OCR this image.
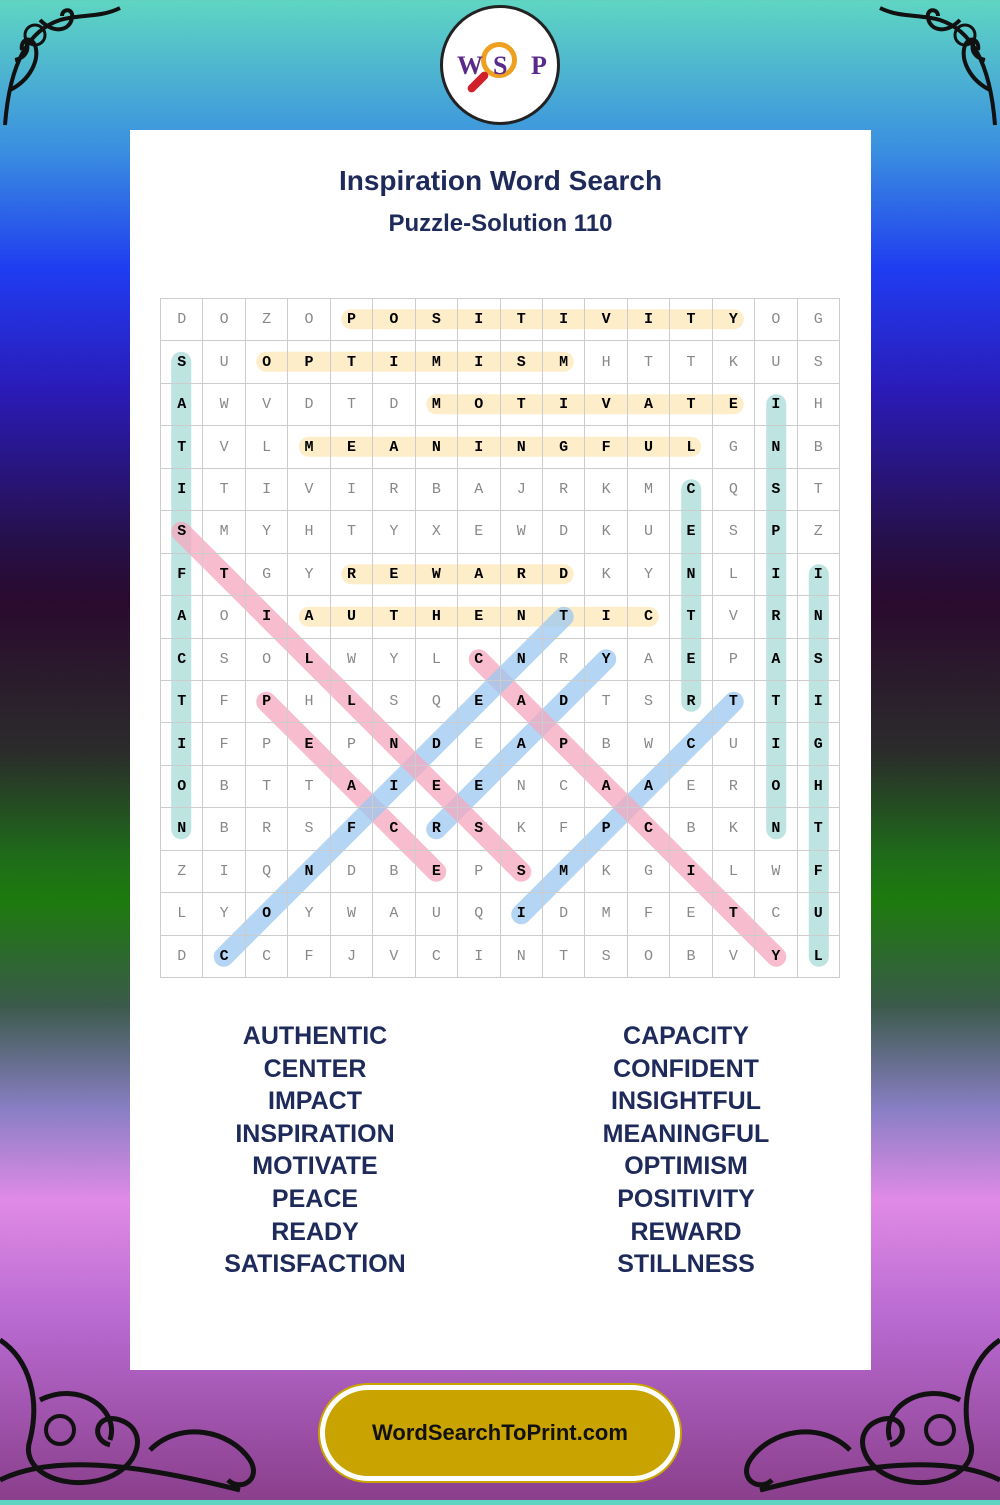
W S P
Inspiration Word Search
Puzzle-Solution 110
D	O	Z	O	P	O	S	I	T	I	V	I	T	Y	O	G
S	U	O	P	T	I	M	I	S	M	H	T	T	K	U	S
A	W	V	D	T	D	M	O	T	I	V	A	T	E	I	H
T	V	L	M	E	A	N	I	N	G	F	U	L	G	N	B
I	T	I	V	I	R	B	A	J	R	K	M	C	Q	S	T
S	M	Y	H	T	Y	X	E	W	D	K	U	E	S	P	Z
F	T	G	Y	R	E	W	A	R	D	K	Y	N	L	I	I
A	O	I	A	U	T	H	E	N	T	I	C	T	V	R	N
C	S	O	L	W	Y	L	C	N	R	Y	A	E	P	A	S
T	F	P	H	L	S	Q	E	A	D	T	S	R	T	T	I
I	F	P	E	P	N	D	E	A	P	B	W	C	U	I	G
O	B	T	T	A	I	E	E	N	C	A	A	E	R	O	H
N	B	R	S	F	C	R	S	K	F	P	C	B	K	N	T
Z	I	Q	N	D	B	E	P	S	M	K	G	I	L	W	F
L	Y	O	Y	W	A	U	Q	I	D	M	F	E	T	C	U
D	C	C	F	J	V	C	I	N	T	S	O	B	V	Y	L
AUTHENTIC
CENTER
IMPACT
INSPIRATION
MOTIVATE
PEACE
READY
SATISFACTION
CAPACITY
CONFIDENT
INSIGHTFUL
MEANINGFUL
OPTIMISM
POSITIVITY
REWARD
STILLNESS
WordSearchToPrint.com
